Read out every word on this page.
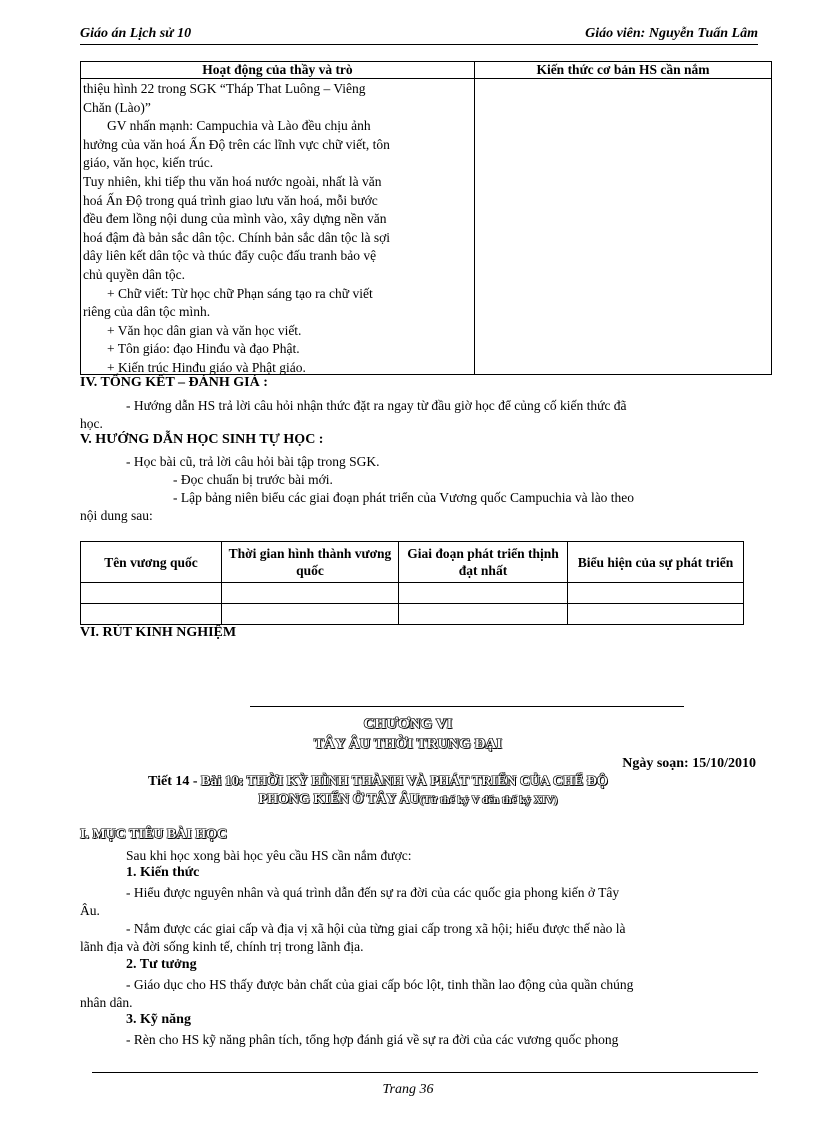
Giáo án Lịch sử 10	Giáo viên: Nguyễn Tuấn Lâm
Hoạt động của thầy và trò	Kiến thức cơ bản HS cần nắm
thiệu hình 22 trong SGK “Tháp That Luông – Viêng
Chăn (Lào)”
GV nhấn mạnh: Campuchia và Lào đều chịu ảnh
hưởng của văn hoá Ấn Độ trên các lĩnh vực chữ viết, tôn
giáo, văn học, kiến trúc.
Tuy nhiên, khi tiếp thu văn hoá nước ngoài, nhất là văn
hoá Ấn Độ trong quá trình giao lưu văn hoá, mỗi bước
đều đem lồng nội dung của mình vào, xây dựng nền văn
hoá đậm đà bản sắc dân tộc. Chính bản sắc dân tộc là sợi
dây liên kết dân tộc và thúc đẩy cuộc đấu tranh bảo vệ
chủ quyền dân tộc.
+ Chữ viết: Từ học chữ Phạn sáng tạo ra chữ viết
riêng của dân tộc mình.
+ Văn học dân gian và văn học viết.
+ Tôn giáo: đạo Hinđu và đạo Phật.
+ Kiến trúc Hinđu giáo và Phật giáo.
IV. TỔNG KẾT – ĐÁNH GIÁ :
- Hướng dẫn HS trả lời câu hỏi nhận thức đặt ra ngay từ đầu giờ học để củng cố kiến thức đã
học.
V. HƯỚNG DẪN HỌC SINH TỰ HỌC :
- Học bài cũ, trả lời câu hỏi bài tập trong SGK.
- Đọc chuẩn bị trước bài mới.
- Lập bảng niên biểu các giai đoạn phát triển của Vương quốc Campuchia và lào theo
nội dung sau:
Tên vương quốc
Thời gian hình thành vương quốc
Giai đoạn phát triển thịnh đạt nhất
Biểu hiện của sự phát triển
VI. RÚT KINH NGHIỆM
CHƯƠNG VI
TÂY ÂU THỜI TRUNG ĐẠI
Ngày soạn: 15/10/2010
Tiết 14 - Bài 10: THỜI KỲ HÌNH THÀNH VÀ PHÁT TRIỂN CỦA CHẾ ĐỘ
PHONG KIẾN Ở TÂY ÂU(Từ thế kỷ V đến thế kỷ XIV)
I. MỤC TIÊU BÀI HỌC
Sau khi học xong bài học yêu cầu HS cần nắm được:
1. Kiến thức
- Hiểu được nguyên nhân và quá trình dẫn đến sự ra đời của các quốc gia phong kiến ở Tây
Âu.
- Nắm được các giai cấp và địa vị xã hội của từng giai cấp trong xã hội; hiểu được thế nào là
lãnh địa và đời sống kinh tế, chính trị trong lãnh địa.
2. Tư tưởng
- Giáo dục cho HS thấy được bản chất của giai cấp bóc lột, tinh thần lao động của quần chúng
nhân dân.
3. Kỹ năng
- Rèn cho HS kỹ năng phân tích, tổng hợp đánh giá về sự ra đời của các vương quốc phong
Trang 36
